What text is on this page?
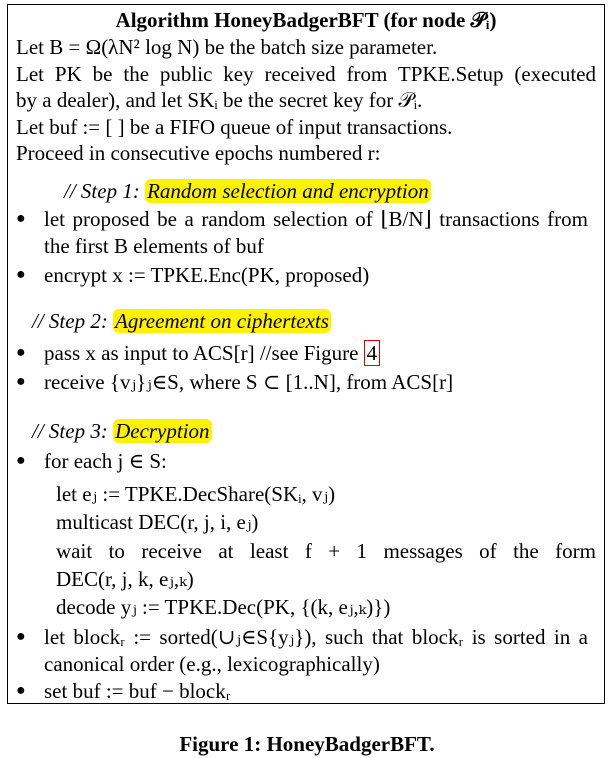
Algorithm HoneyBadgerBFT (for node 𝒫ᵢ)
Let B = Ω(λN² log N) be the batch size parameter.
Let PK be the public key received from TPKE.Setup (executed
by a dealer), and let SKᵢ be the secret key for 𝒫ᵢ.
Let buf := [ ] be a FIFO queue of input transactions.
Proceed in consecutive epochs numbered r:
// Step 1: Random selection and encryption
● let proposed be a random selection of ⌊B/N⌋ transactions from
the first B elements of buf
● encrypt x := TPKE.Enc(PK, proposed)
// Step 2: Agreement on ciphertexts
● pass x as input to ACS[r] //see Figure 4
● receive {vⱼ}ⱼ∈S, where S ⊂ [1..N], from ACS[r]
// Step 3: Decryption
● for each j ∈ S:
let eⱼ := TPKE.DecShare(SKᵢ, vⱼ)
multicast DEC(r, j, i, eⱼ)
wait to receive at least f + 1 messages of the form
DEC(r, j, k, eⱼ,ₖ)
decode yⱼ := TPKE.Dec(PK, {(k, eⱼ,ₖ)})
● let blockᵣ := sorted(∪ⱼ∈S{yⱼ}), such that blockᵣ is sorted in a
canonical order (e.g., lexicographically)
● set buf := buf − blockᵣ
Figure 1: HoneyBadgerBFT.
